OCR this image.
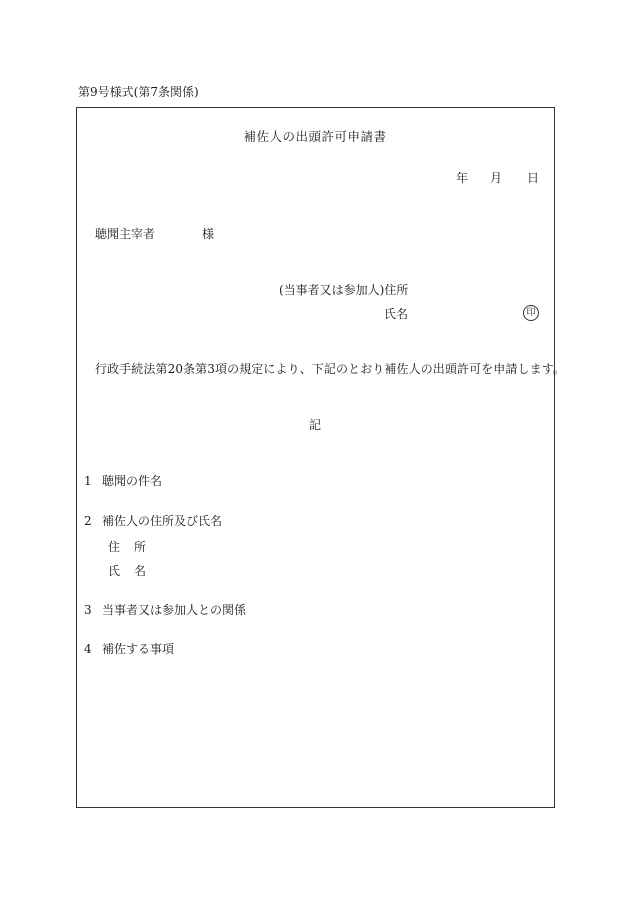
第9号様式(第7条関係)
補佐人の出頭許可申請書
年 月 日
聴聞主宰者	様
(当事者又は参加人)住所
氏名	印
行政手続法第20条第3項の規定により、下記のとおり補佐人の出頭許可を申請します。
記
1 聴聞の件名
2 補佐人の住所及び氏名
住 所
氏 名
3 当事者又は参加人との関係
4 補佐する事項
